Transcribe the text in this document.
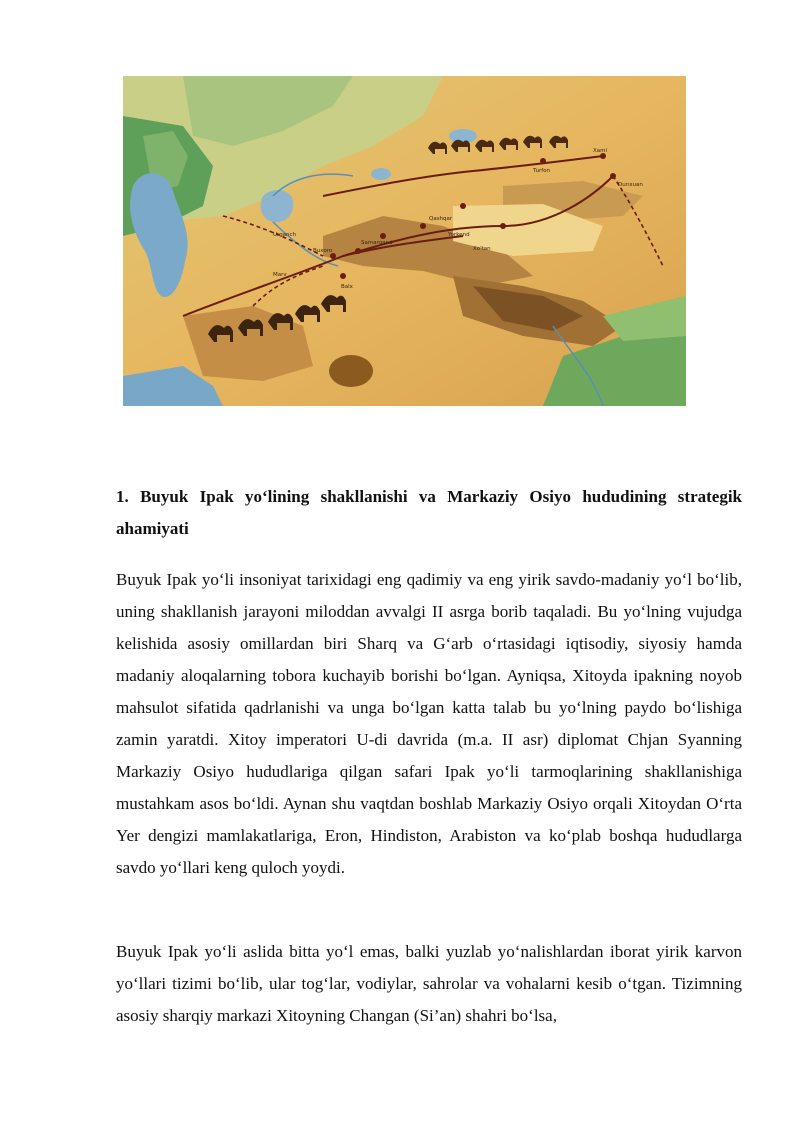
Urganch
Buxoro
Samarqand
Marv
Balx
Qashqar
Yorkend
Xo'tan
Turfon
Xami
Dunxuan
1. Buyuk Ipak yo‘lining shakllanishi va Markaziy Osiyo hududining strategik ahamiyati

Buyuk Ipak yo‘li insoniyat tarixidagi eng qadimiy va eng yirik savdo-madaniy yo‘l bo‘lib, uning shakllanish jarayoni miloddan avvalgi II asrga borib taqaladi. Bu yo‘lning vujudga kelishida asosiy omillardan biri Sharq va G‘arb o‘rtasidagi iqtisodiy, siyosiy hamda madaniy aloqalarning tobora kuchayib borishi bo‘lgan. Ayniqsa, Xitoyda ipakning noyob mahsulot sifatida qadrlanishi va unga bo‘lgan katta talab bu yo‘lning paydo bo‘lishiga zamin yaratdi. Xitoy imperatori U-di davrida (m.a. II asr) diplomat Chjan Syanning Markaziy Osiyo hududlariga qilgan safari Ipak yo‘li tarmoqlarining shakllanishiga mustahkam asos bo‘ldi. Aynan shu vaqtdan boshlab Markaziy Osiyo orqali Xitoydan O‘rta Yer dengizi mamlakatlariga, Eron, Hindiston, Arabiston va ko‘plab boshqa hududlarga savdo yo‘llari keng quloch yoydi.

Buyuk Ipak yo‘li aslida bitta yo‘l emas, balki yuzlab yo‘nalishlardan iborat yirik karvon yo‘llari tizimi bo‘lib, ular tog‘lar, vodiylar, sahrolar va vohalarni kesib o‘tgan. Tizimning asosiy sharqiy markazi Xitoyning Changan (Si’an) shahri bo‘lsa,
